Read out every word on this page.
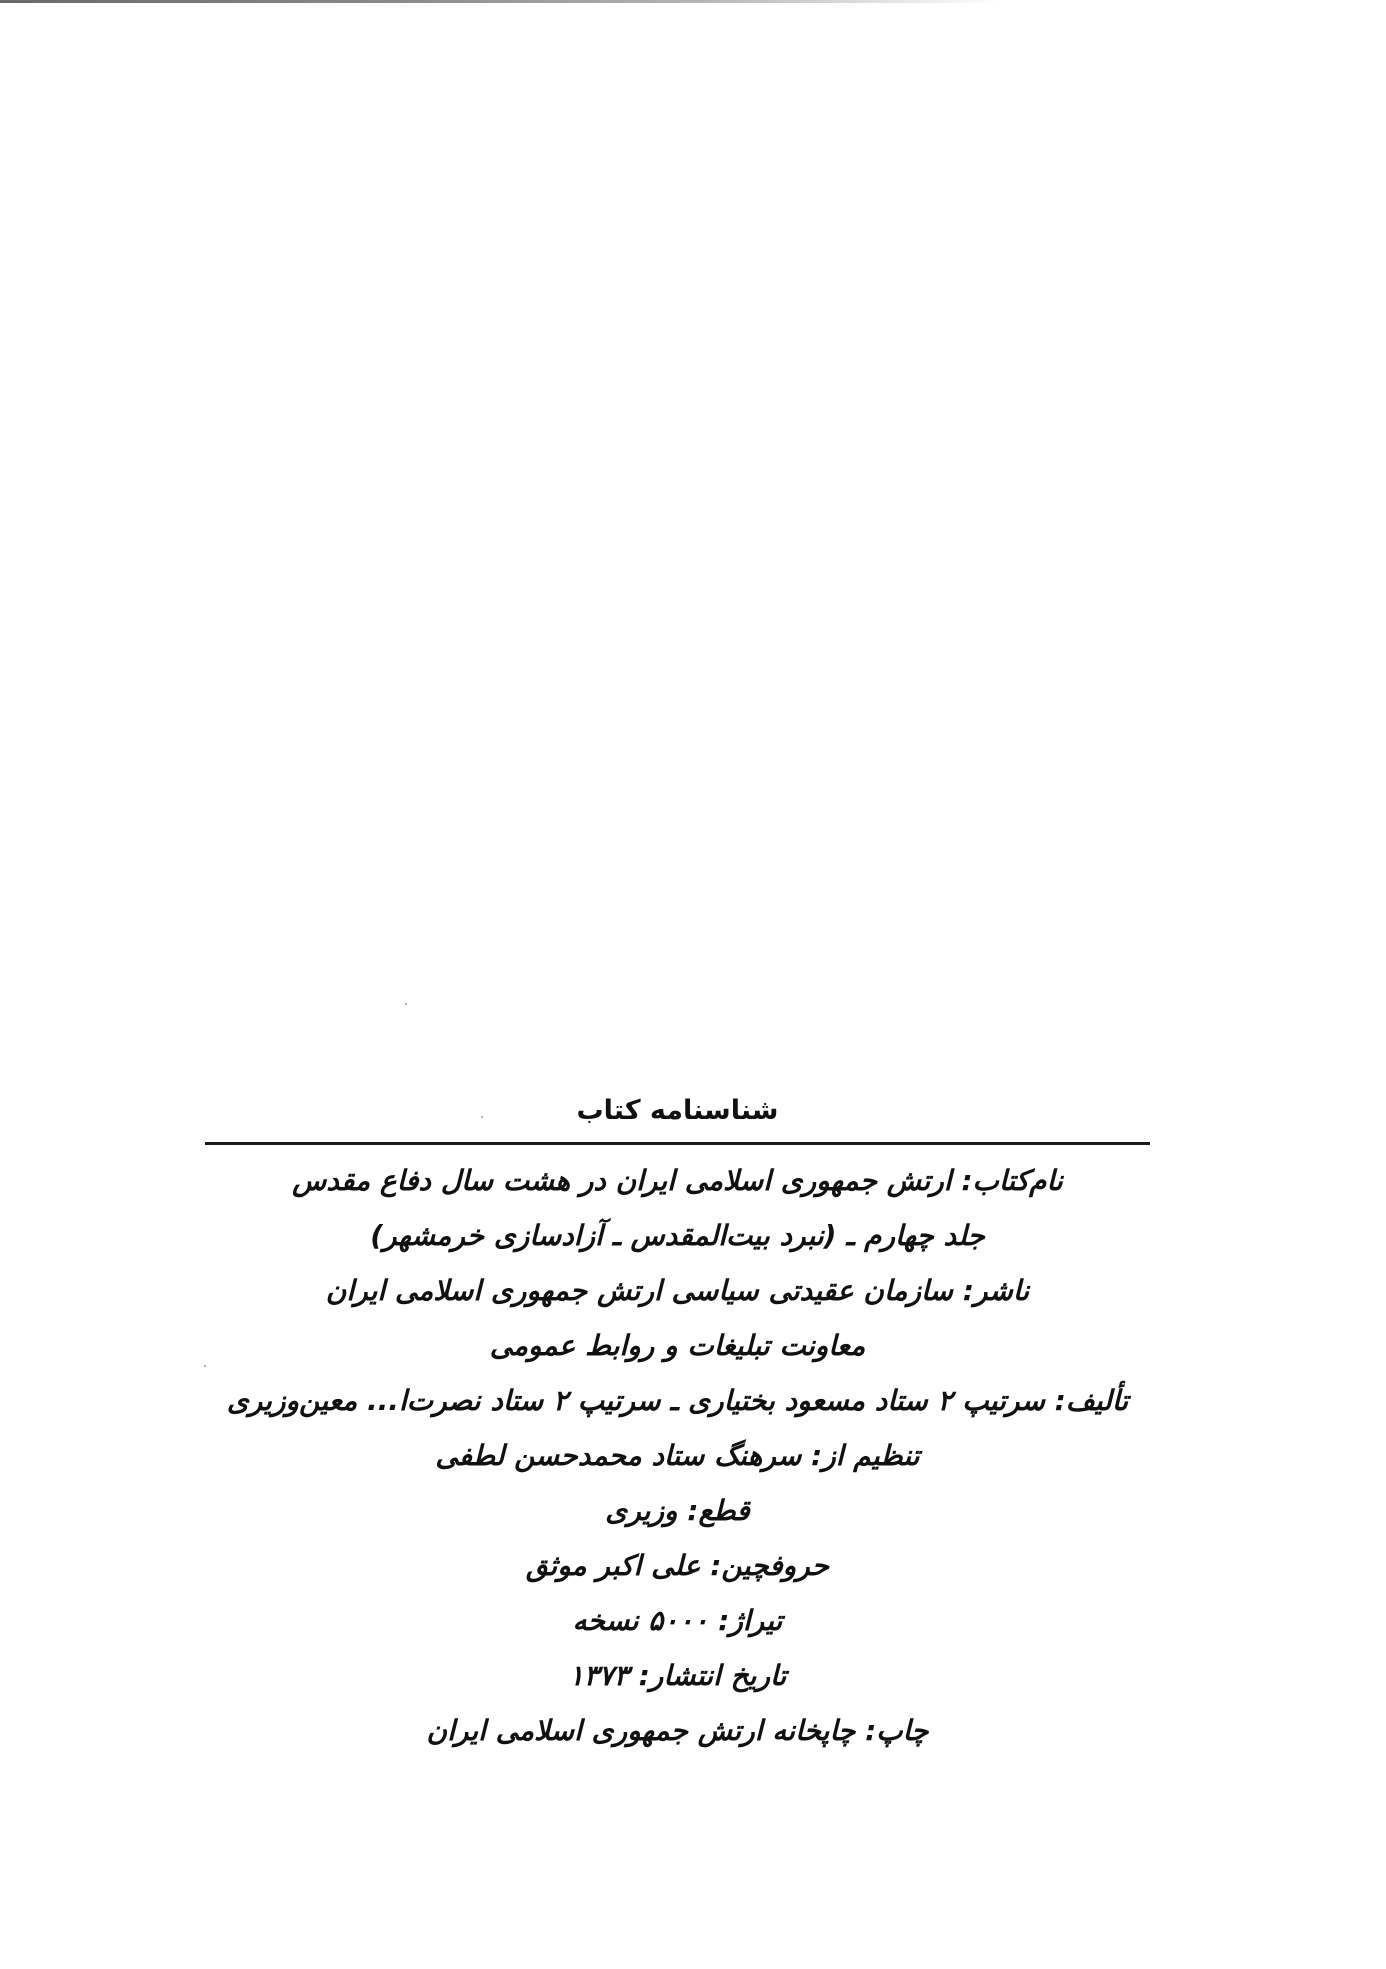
شناسنامه کتاب
نام‌کتاب: ارتش جمهوری اسلامی ایران در هشت سال دفاع مقدس
جلد چهارم ـ (نبرد بیت‌المقدس ـ آزادسازی خرمشهر)
ناشر: سازمان عقیدتی سیاسی ارتش جمهوری اسلامی ایران
معاونت تبلیغات و روابط عمومی
تألیف: سرتیپ ۲ ستاد مسعود بختیاری ـ سرتیپ ۲ ستاد نصرت‌ا... معین‌وزیری
تنظیم از: سرهنگ ستاد محمدحسن لطفی
قطع: وزیری
حروفچین: علی اکبر موثق
تیراژ: ۵۰۰۰ نسخه
تاریخ انتشار: ۱۳۷۳
چاپ: چاپخانه ارتش جمهوری اسلامی ایران
